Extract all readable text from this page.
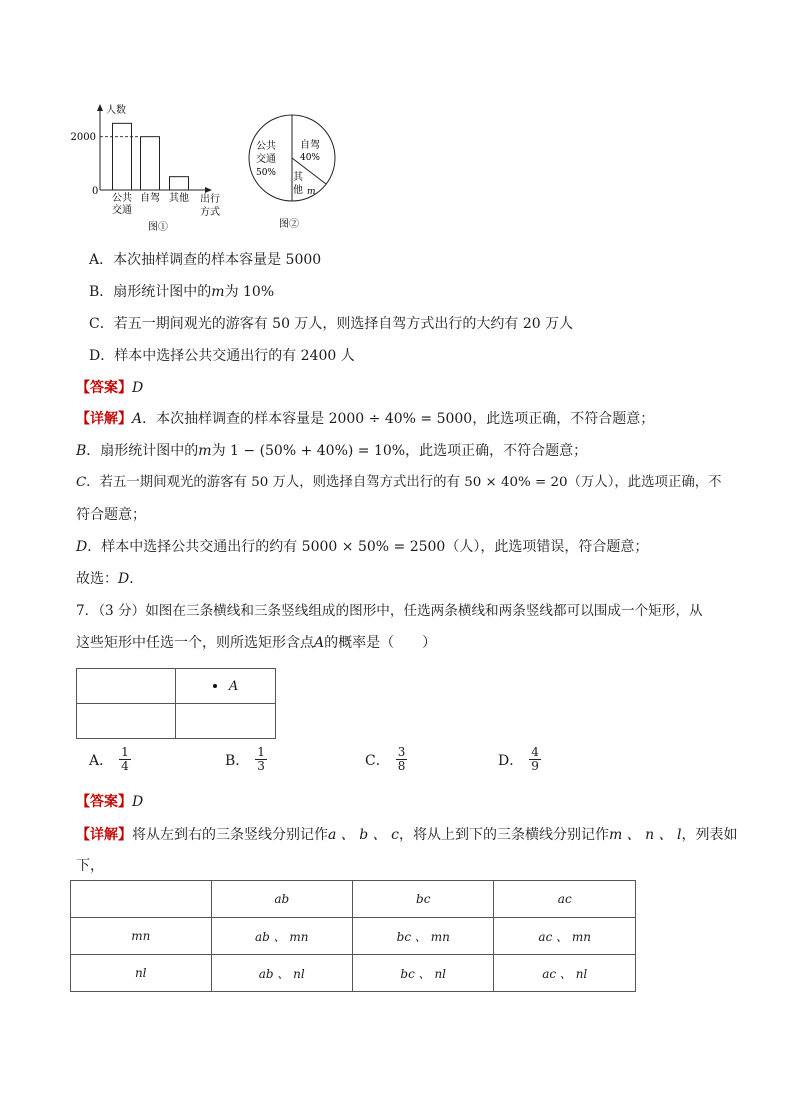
人数
2000
0
公共
交通
自驾 其他 出行
方式
图①
公共
交通
50%
自驾
40%
其
他 m
图②
A．本次抽样调查的样本容量是 5000
B．扇形统计图中的m为 10%
C．若五一期间观光的游客有 50 万人，则选择自驾方式出行的大约有 20 万人
D．样本中选择公共交通出行的有 2400 人
【答案】D
【详解】A．本次抽样调查的样本容量是 2000 ÷ 40% = 5000，此选项正确，不符合题意；
B．扇形统计图中的m为 1 − (50% + 40%) = 10%，此选项正确，不符合题意；
C．若五一期间观光的游客有 50 万人，则选择自驾方式出行的有 50 × 40% = 20（万人），此选项正确，不
符合题意；
D．样本中选择公共交通出行的约有 5000 × 50% = 2500（人），此选项错误，符合题意；
故选：D．
7．（3 分）如图在三条横线和三条竖线组成的图形中，任选两条横线和两条竖线都可以围成一个矩形，从
这些矩形中任选一个，则所选矩形含点A的概率是（　　）
	A

A． $\frac{1}{4}$	B． $\frac{1}{3}$	C． $\frac{3}{8}$	D． $\frac{4}{9}$
【答案】D
【详解】将从左到右的三条竖线分别记作a 、 b 、 c，将从上到下的三条横线分别记作m 、 n 、 l，列表如
下，
	ab	bc	ac
mn	ab 、 mn	bc 、 mn	ac 、 mn
nl	ab 、 nl	bc 、 nl	ac 、 nl
